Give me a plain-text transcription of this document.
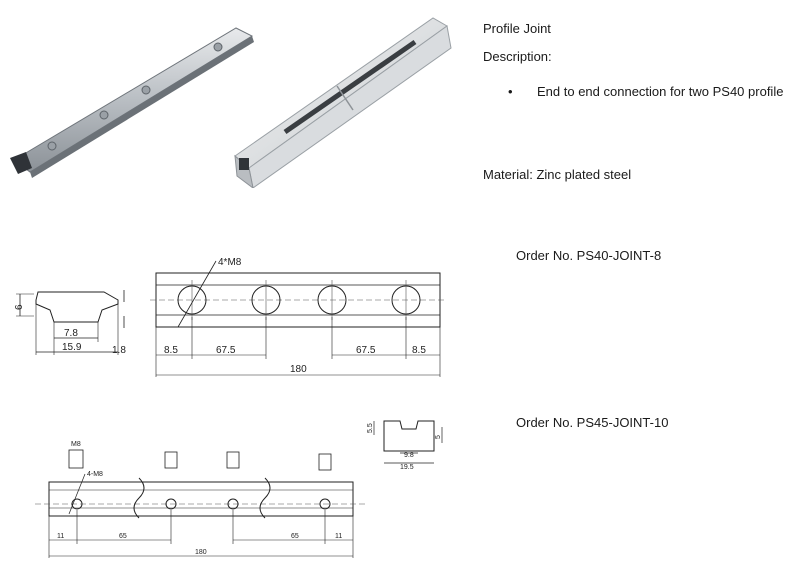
Profile Joint
Description:
• End to end connection for two PS40 profile
Material: Zinc plated steel
Order No. PS40-JOINT-8
Order No. PS45-JOINT-10
6
7.8
15.9	1.8
4*M8
8.5	67.5	67.5	8.5
180
5.5
5
9.8
19.5
M8
4-M8
11	65	65	11
180
